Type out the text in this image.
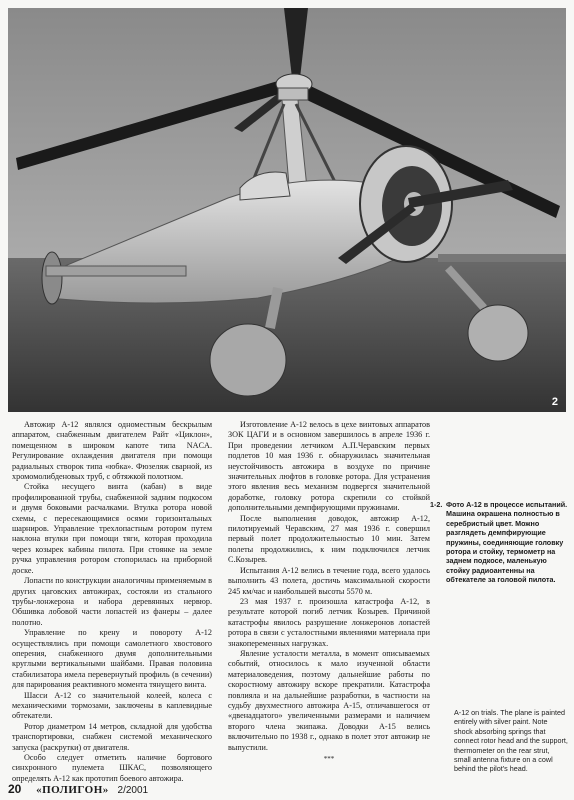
2

Автожир А-12 являлся одноместным бескрылым аппаратом, снабженным двигателем Райт «Циклон», помещенном в широком капоте типа NACA. Регулирование охлаждения двигателя при помощи радиальных створок типа «юбка». Фюзеляж сварной, из хромомолибденовых труб, с обтяжкой полотном.

Стойка несущего винта (кабан) в виде профилированной трубы, снабженной задним подкосом и двумя боковыми расчалками. Втулка ротора новой схемы, с пересекающимися осями горизонтальных шарниров. Управление трехлопастным ротором путем наклона втулки при помощи тяги, которая проходила через козырек кабины пилота. При стоянке на земле ручка управления ротором стопорилась на приборной доске.

Лопасти по конструкции аналогичны применяемым в других цаговских автожирах, состояли из стального трубы-лонжерона и набора деревянных нервюр. Обшивка лобовой части лопастей из фанеры – далее полотно.

Управление по крену и повороту А-12 осуществлялись при помощи самолетного хвостового оперения, снабженного двумя дополнительными круглыми вертикальными шайбами. Правая половина стабилизатора имела перевернутый профиль (в сечении) для парирования реактивного момента тянущего винта.

Шасси А-12 со значительной колеей, колеса с механическими тормозами, заключены в каплевидные обтекатели.

Ротор диаметром 14 метров, складной для удобства транспортировки, снабжен системой механического запуска (раскрутки) от двигателя.

Особо следует отметить наличие бортового синхронного пулемета ШКАС, позволяющего определять А-12 как прототип боевого автожира.

Изготовление А-12 велось в цехе винтовых аппаратов ЗОК ЦАГИ и в основном завершилось в апреле 1936 г. При проведении летчиком А.П.Черавским первых подлетов 10 мая 1936 г. обнаружилась значительная неустойчивость автожира в воздухе по причине значительных люфтов в головке ротора. Для устранения этого явления весь механизм подвергся значительной доработке, головку ротора скрепили со стойкой дополнительными демпфирующими пружинами.

После выполнения доводок, автожир А-12, пилотируемый Черавским, 27 мая 1936 г. совершил первый полет продолжительностью 10 мин. Затем полеты продолжились, к ним подключился летчик С.Козырев.

Испытания А-12 велись в течение года, всего удалось выполнить 43 полета, достичь максимальной скорости 245 км/час и наибольшей высоты 5570 м.

23 мая 1937 г. произошла катастрофа А-12, в результате которой погиб летчик Козырев. Причиной катастрофы явилось разрушение лонжеронов лопастей ротора в связи с усталостными явлениями материала при знакопеременных нагрузках.

Явление усталости металла, в момент описываемых событий, относилось к мало изученной области материаловедения, поэтому дальнейшие работы по скоростному автожиру вскоре прекратили. Катастрофа повлияла и на дальнейшие разработки, в частности на судьбу двухместного автожира А-15, отличавшегося от «двенадцатого» увеличенными размерами и наличием второго члена экипажа. Доводки А-15 велись включительно по 1938 г., однако в полет этот автожир не выпустили.

***
1-2. Фото А-12 в процессе испытаний. Машина окрашена полностью в серебристый цвет. Можно разглядеть демпфирующие пружины, соединяющие головку ротора и стойку, термометр на заднем подкосе, маленькую стойку радиоантенны на обтекателе за головой пилота.
A-12 on trials. The plane is painted entirely with silver paint. Note shock absorbing springs that connect rotor head and the support, thermometer on the rear strut, small antenna fixture on a cowl behind the pilot's head.
20 «ПОЛИГОН» 2/2001
